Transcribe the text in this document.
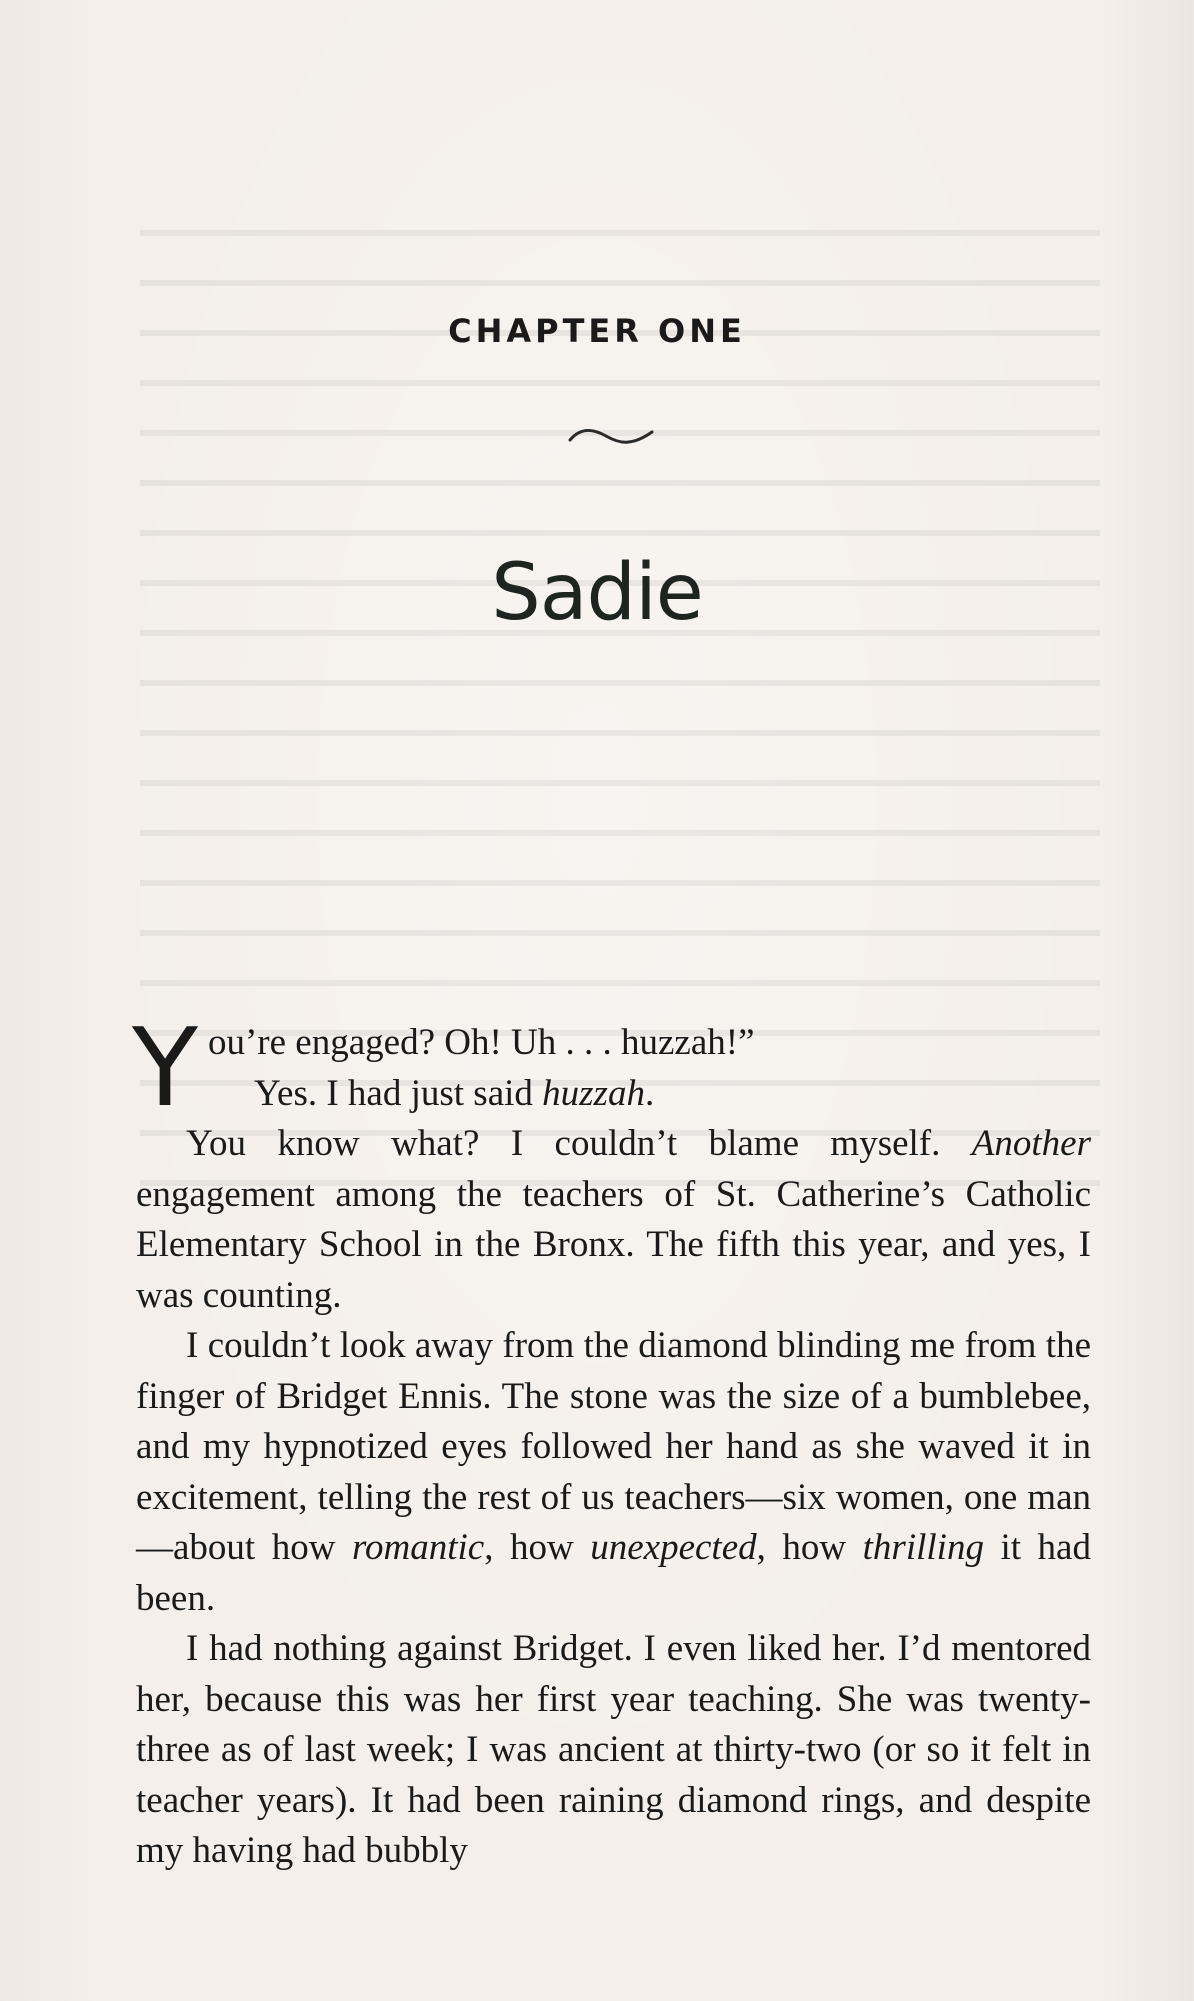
CHAPTER ONE
Sadie

You’re engaged? Oh! Uh . . . huzzah!”

Yes. I had just said huzzah.

You know what? I couldn’t blame myself. Another engagement among the teachers of St. Catherine’s Catholic Elementary School in the Bronx. The fifth this year, and yes, I was counting.

I couldn’t look away from the diamond blinding me from the finger of Bridget Ennis. The stone was the size of a bumblebee, and my hypnotized eyes followed her hand as she waved it in excitement, telling the rest of us teachers—six women, one man—about how romantic, how unexpected, how thrilling it had been.

I had nothing against Bridget. I even liked her. I’d mentored her, because this was her first year teaching. She was twenty-three as of last week; I was ancient at thirty-two (or so it felt in teacher years). It had been raining diamond rings, and despite my having had bubbly
